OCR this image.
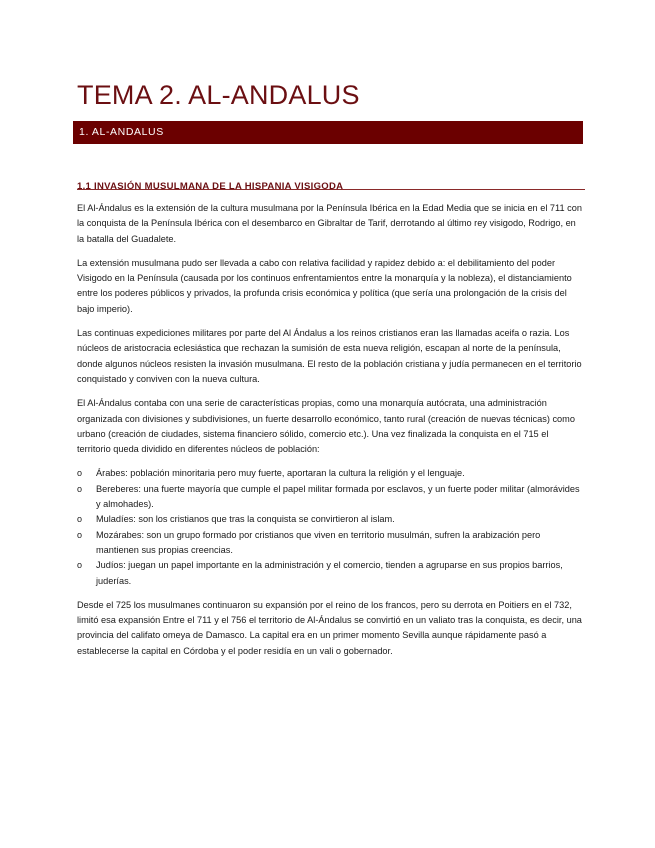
TEMA 2. AL-ANDALUS
1. AL-ANDALUS
1.1 INVASIÓN MUSULMANA DE LA HISPANIA VISIGODA

El Al-Ándalus es la extensión de la cultura musulmana por la Península Ibérica en la Edad Media que se inicia en el 711 con la conquista de la Península Ibérica con el desembarco en Gibraltar de Tarif, derrotando al último rey visigodo, Rodrigo, en la batalla del Guadalete.

La extensión musulmana pudo ser llevada a cabo con relativa facilidad y rapidez debido a: el debilitamiento del poder Visigodo en la Península (causada por los continuos enfrentamientos entre la monarquía y la nobleza), el distanciamiento entre los poderes públicos y privados, la profunda crisis económica y política (que sería una prolongación de la crisis del bajo imperio).

Las continuas expediciones militares por parte del Al Ándalus a los reinos cristianos eran las llamadas aceifa o razia. Los núcleos de aristocracia eclesiástica que rechazan la sumisión de esta nueva religión, escapan al norte de la península, donde algunos núcleos resisten la invasión musulmana. El resto de la población cristiana y judía permanecen en el territorio conquistado y conviven con la nueva cultura.

El Al-Ándalus contaba con una serie de características propias, como una monarquía autócrata, una administración organizada con divisiones y subdivisiones, un fuerte desarrollo económico, tanto rural (creación de nuevas técnicas) como urbano (creación de ciudades, sistema financiero sólido, comercio etc.). Una vez finalizada la conquista en el 715 el territorio queda dividido en diferentes núcleos de población:

o Árabes: población minoritaria pero muy fuerte, aportaran la cultura la religión y el lenguaje.
o Bereberes: una fuerte mayoría que cumple el papel militar formada por esclavos, y un fuerte poder militar (almorávides y almohades).
o Muladíes: son los cristianos que tras la conquista se convirtieron al islam.
o Mozárabes: son un grupo formado por cristianos que viven en territorio musulmán, sufren la arabización pero mantienen sus propias creencias.
o Judíos: juegan un papel importante en la administración y el comercio, tienden a agruparse en sus propios barrios, juderías.

Desde el 725 los musulmanes continuaron su expansión por el reino de los francos, pero su derrota en Poitiers en el 732, limitó esa expansión Entre el 711 y el 756 el territorio de Al-Ándalus se convirtió en un valiato tras la conquista, es decir, una provincia del califato omeya de Damasco. La capital era en un primer momento Sevilla aunque rápidamente pasó a establecerse la capital en Córdoba y el poder residía en un vali o gobernador.
